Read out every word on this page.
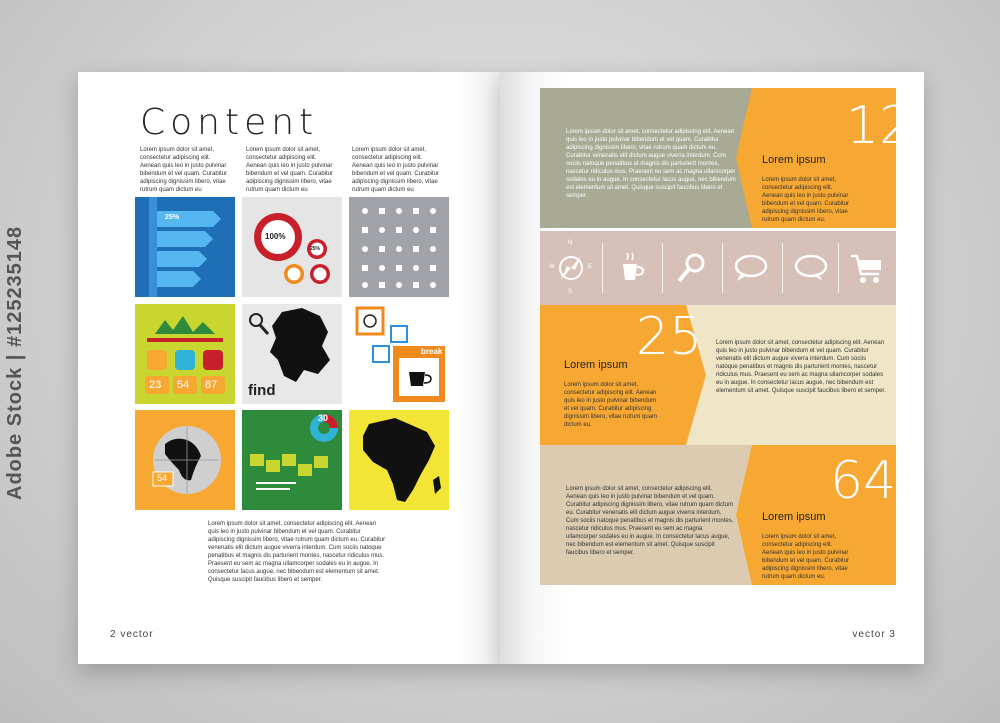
Adobe Stock | #125235148
Content
Lorem ipsum dolor sit amet, consectetur adipiscing elit. Aenean quis leo in justo pulvinar bibendum et vel quam. Curabitur adipiscing dignissim libero, vitae rutrum quam dictum eu
Lorem ipsum dolor sit amet, consectetur adipiscing elit. Aenean quis leo in justo pulvinar bibendum et vel quam. Curabitur adipiscing dignissim libero, vitae rutrum quam dictum eu
Lorem ipsum dolor sit amet, consectetur adipiscing elit. Aenean quis leo in justo pulvinar bibendum et vel quam. Curabitur adipiscing dignissim libero, vitae rutrum quam dictum eu
25%
100%
25%
23 54 87 find
break
54
30
Lorem ipsum dolor sit amet, consectetur adipiscing elit. Aenean quis leo in justo pulvinar bibendum et vel quam. Curabitur adipiscing dignissim libero, vitae rutrum quam dictum eu. Curabitur venenatis elit dictum augue viverra interdum. Cum sociis natoque penatibus et magnis dis parturient montes, nascetur ridiculus mus. Praesent eu sem ac magna ullamcorper sodales eu in augue. In consectetur lacus augue, nec bibendum est elementum sit amet. Quisque suscipit faucibus libero et semper.
2 vector
Lorem ipsum dolor sit amet, consectetur adipiscing elit. Aenean quis leo in justo pulvinar bibendum et vel quam. Curabitur adipiscing dignissim libero, vitae rutrum quam dictum eu. Curabitur venenatis elit dictum augue viverra interdum. Cum sociis natoque penatibus et magnis dis parturient montes, nascetur ridiculus mus. Praesent eu sem ac magna ullamcorper sodales eu in augue. In consectetur lacus augue, nec bibendum est elementum sit amet. Quisque suscipit faucibus libero et semper.
12
Lorem ipsum
Lorem ipsum dolor sit amet, consectetur adipiscing elit. Aenean quis leo in justo pulvinar bibendum et vel quam. Curabitur adipiscing dignissim libero, vitae rutrum quam dictum eu.
N
S
W	E
25
Lorem ipsum
Lorem ipsum dolor sit amet, consectetur adipiscing elit. Aenean quis leo in justo pulvinar bibendum et vel quam. Curabitur adipiscing dignissim libero, vitae rutrum quam dictum eu.
Lorem ipsum dolor sit amet, consectetur adipiscing elit. Aenean quis leo in justo pulvinar bibendum et vel quam. Curabitur venenatis elit dictum augue viverra interdum. Cum sociis natoque penatibus et magnis dis parturient montes, nascetur ridiculus mus. Praesent eu sem ac magna ullamcorper sodales eu in augue. In consectetur lacus augue, nec bibendum est elementum sit amet. Quisque suscipit faucibus libero et semper.
Lorem ipsum dolor sit amet, consectetur adipiscing elit. Aenean quis leo in justo pulvinar bibendum et vel quam. Curabitur adipiscing dignissim libero, vitae rutrum quam dictum eu. Curabitur venenatis elit dictum augue viverra interdum. Cum sociis natoque penatibus et magnis dis parturient montes, nascetur ridiculus mus. Praesent eu sem ac magna ullamcorper sodales eu in augue. In consectetur lacus augue, nec bibendum est elementum sit amet. Quisque suscipit faucibus libero et semper.
64
Lorem ipsum
Lorem ipsum dolor sit amet, consectetur adipiscing elit. Aenean quis leo in justo pulvinar bibendum et vel quam. Curabitur adipiscing dignissim libero, vitae rutrum quam dictum eu.
vector 3
